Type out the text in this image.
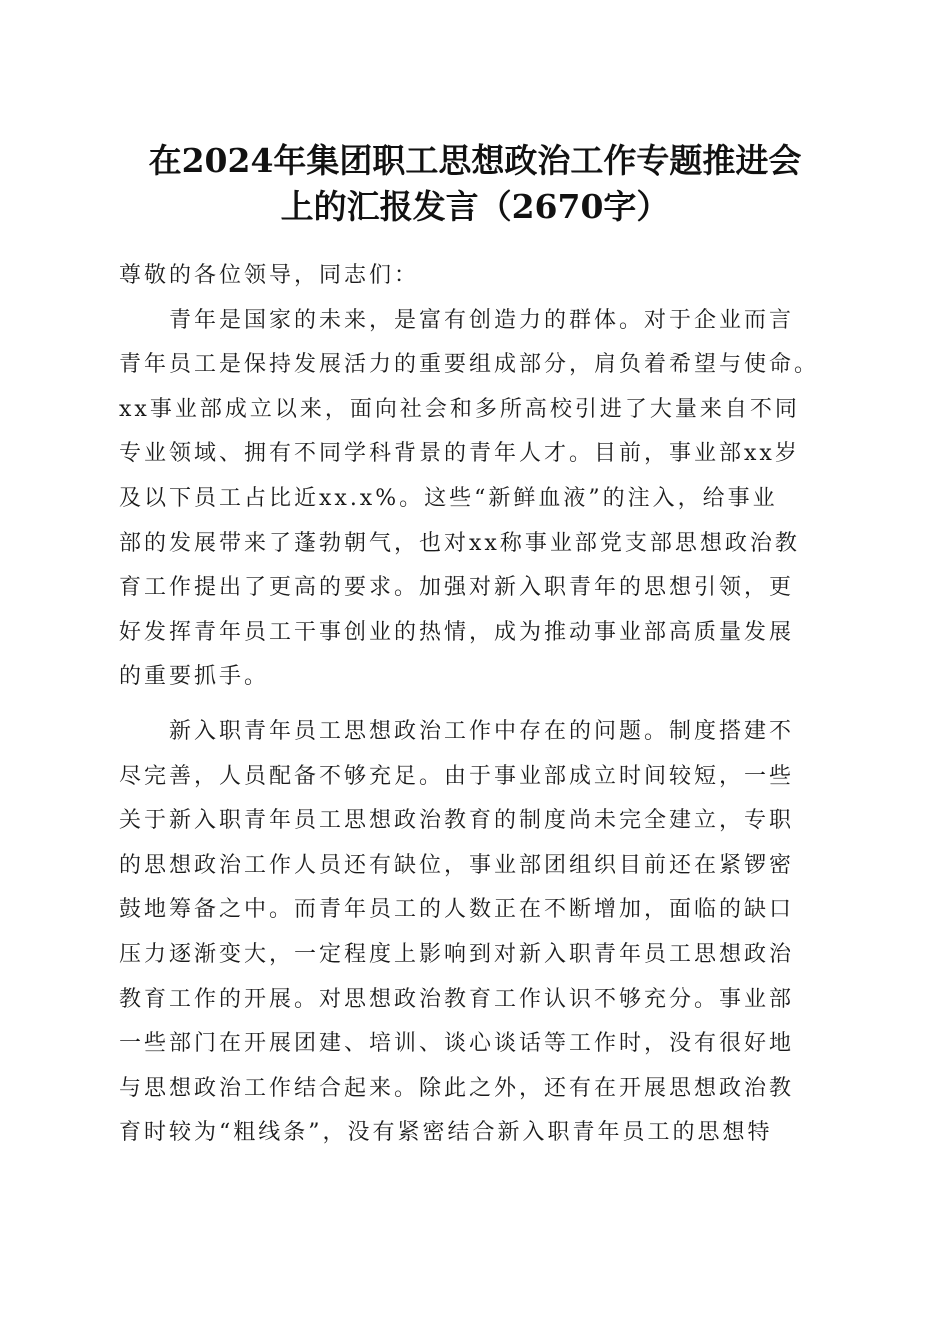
在2024年集团职工思想政治工作专题推进会
上的汇报发言（2670字）
尊敬的各位领导，同志们：
青年是国家的未来，是富有创造力的群体。对于企业而言
青年员工是保持发展活力的重要组成部分，肩负着希望与使命。
xx事业部成立以来，面向社会和多所高校引进了大量来自不同
专业领域、拥有不同学科背景的青年人才。目前，事业部xx岁
及以下员工占比近xx.x%。这些“新鲜血液”的注入，给事业
部的发展带来了蓬勃朝气，也对xx称事业部党支部思想政治教
育工作提出了更高的要求。加强对新入职青年的思想引领，更
好发挥青年员工干事创业的热情，成为推动事业部高质量发展
的重要抓手。
新入职青年员工思想政治工作中存在的问题。制度搭建不
尽完善，人员配备不够充足。由于事业部成立时间较短，一些
关于新入职青年员工思想政治教育的制度尚未完全建立，专职
的思想政治工作人员还有缺位，事业部团组织目前还在紧锣密
鼓地筹备之中。而青年员工的人数正在不断增加，面临的缺口
压力逐渐变大，一定程度上影响到对新入职青年员工思想政治
教育工作的开展。对思想政治教育工作认识不够充分。事业部
一些部门在开展团建、培训、谈心谈话等工作时，没有很好地
与思想政治工作结合起来。除此之外，还有在开展思想政治教
育时较为“粗线条”，没有紧密结合新入职青年员工的思想特
